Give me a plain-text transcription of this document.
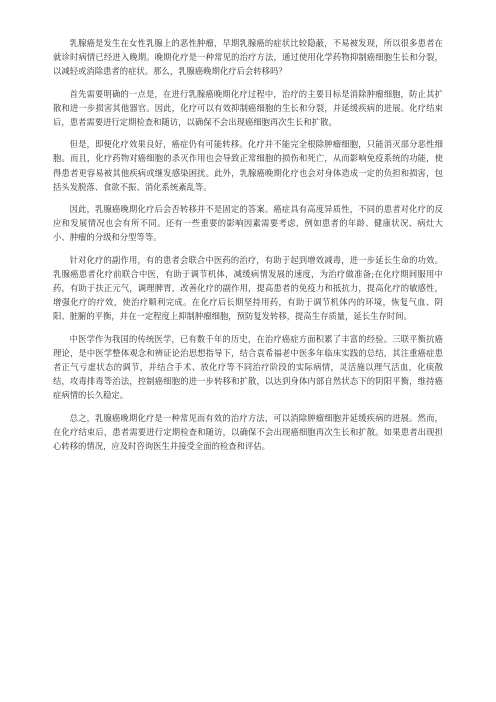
乳腺癌是发生在女性乳腺上的恶性肿瘤，早期乳腺癌的症状比较隐蔽，不易被发现，所以很多患者在就诊时病情已经进入晚期。晚期化疗是一种常见的治疗方法，通过使用化学药物抑制癌细胞生长和分裂，以减轻或消除患者的症状。那么，乳腺癌晚期化疗后会转移吗？

首先需要明确的一点是，在进行乳腺癌晚期化疗过程中，治疗的主要目标是消除肿瘤细胞，防止其扩散和进一步损害其他器官。因此，化疗可以有效抑制癌细胞的生长和分裂，并延缓疾病的进展。化疗结束后，患者需要进行定期检查和随访，以确保不会出现癌细胞再次生长和扩散。

但是，即便化疗效果良好，癌症仍有可能转移。化疗并不能完全根除肿瘤细胞，只能消灭部分恶性细胞。而且，化疗药物对癌细胞的杀灭作用也会导致正常细胞的损伤和死亡，从而影响免疫系统的功能，使得患者更容易被其他疾病或继发感染困扰。此外，乳腺癌晚期化疗也会对身体造成一定的负担和损害，包括头发脱落、食欲不振、消化系统紊乱等。

因此，乳腺癌晚期化疗后会否转移并不是固定的答案。癌症具有高度异质性，不同的患者对化疗的反应和发展情况也会有所不同。还有一些重要的影响因素需要考虑，例如患者的年龄、健康状况、病灶大小、肿瘤的分级和分型等等。

针对化疗的副作用，有的患者会联合中医药的治疗，有助于起到增效减毒，进一步延长生命的功效。乳腺癌患者化疗前联合中医，有助于调节机体，减缓病情发展的速度，为治疗做准备;在化疗期间服用中药，有助于扶正元气，调理脾胃，改善化疗的副作用，提高患者的免疫力和抵抗力，提高化疗的敏感性，增强化疗的疗效，使治疗顺利完成。在化疗后长期坚持用药，有助于调节机体内的环境，恢复气血、阴阳、脏腑的平衡，并在一定程度上抑制肿瘤细胞，预防复发转移，提高生存质量，延长生存时间。

中医学作为我国的传统医学，已有数千年的历史，在治疗癌症方面积累了丰富的经验。三联平衡抗癌理论，是中医学整体观念和辨证论治思想指导下，结合袁希福老中医多年临床实践的总结，其注重癌症患者正气亏虚状态的调节，并结合手术、放化疗等不同治疗阶段的实际病情，灵活施以理气活血，化痰散结，攻毒排毒等治法，控制癌细胞的进一步转移和扩散，以达到身体内部自然状态下的阴阳平衡，维持癌症病情的长久稳定。

总之，乳腺癌晚期化疗是一种常见而有效的治疗方法，可以消除肿瘤细胞并延缓疾病的进展。然而，在化疗结束后，患者需要进行定期检查和随访，以确保不会出现癌细胞再次生长和扩散。如果患者出现担心转移的情况，应及时咨询医生并接受全面的检查和评估。
